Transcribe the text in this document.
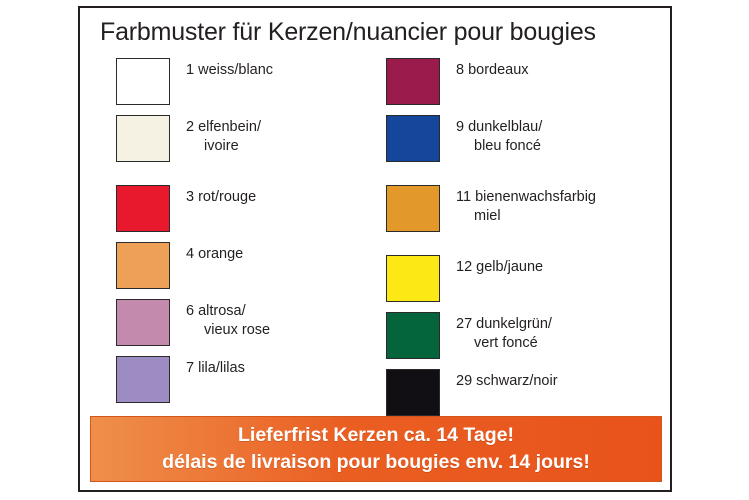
Farbmuster für Kerzen/nuancier pour bougies
1 weiss/blanc
2 elfenbein/
ivoire
3 rot/rouge
4 orange
6 altrosa/
vieux rose
7 lila/lilas
8 bordeaux
9 dunkelblau/
bleu foncé
11 bienenwachsfarbig
miel
12 gelb/jaune
27 dunkelgrün/
vert foncé
29 schwarz/noir
Lieferfrist Kerzen ca. 14 Tage!
délais de livraison pour bougies env. 14 jours!
